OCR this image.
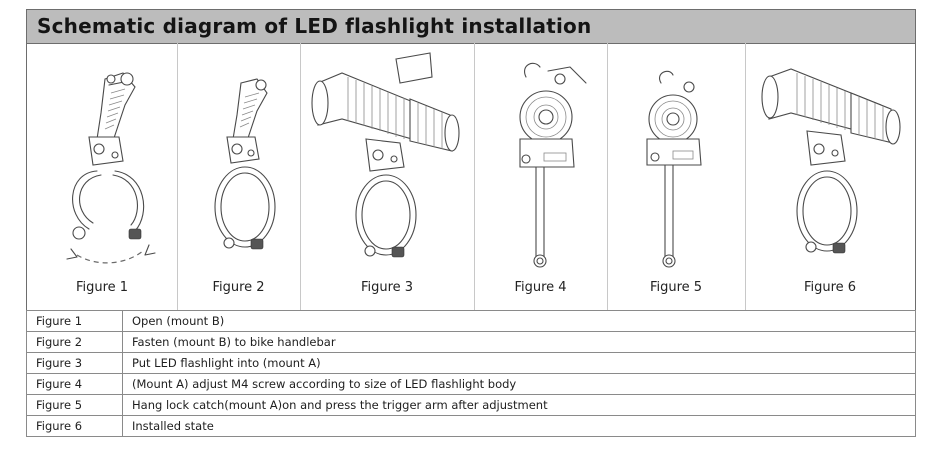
Schematic diagram of LED flashlight installation
Figure 1	Figure 2	Figure 3	Figure 4	Figure 5	Figure 6
Figure 1	Open (mount B)
Figure 2	Fasten (mount B) to bike handlebar
Figure 3	Put LED flashlight into (mount A)
Figure 4	(Mount A) adjust M4 screw according to size of LED flashlight body
Figure 5	Hang lock catch(mount A)on and press the trigger arm after adjustment
Figure 6	Installed state
